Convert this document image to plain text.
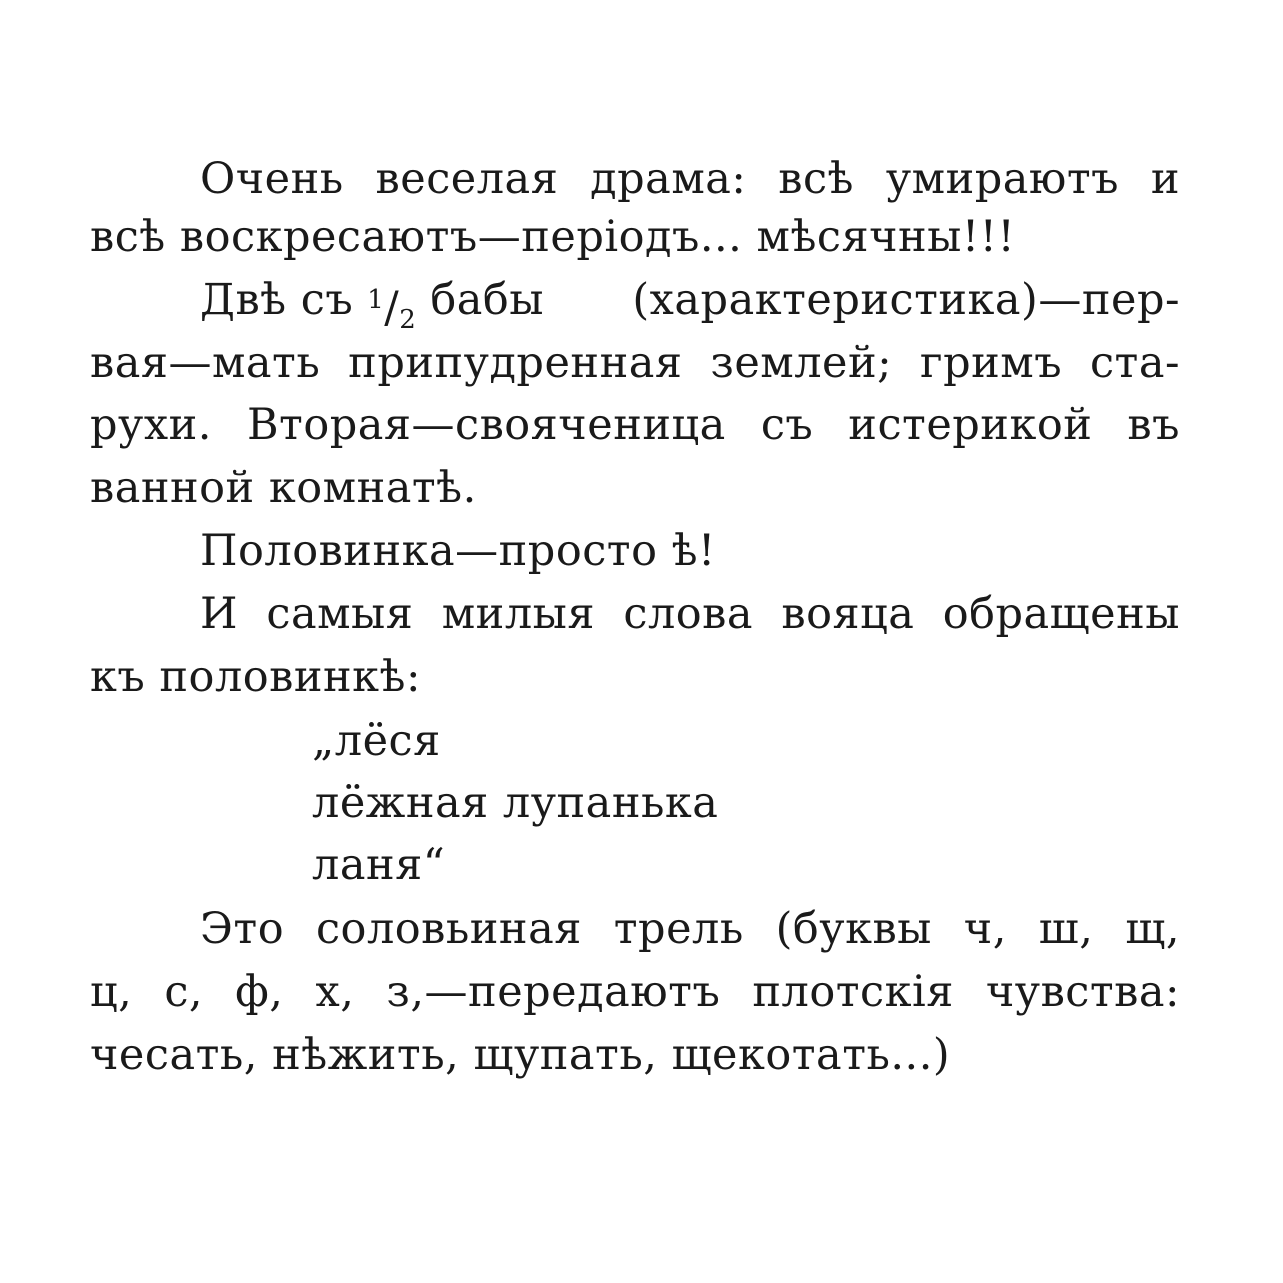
Очень веселая драма: всѣ умираютъ и
всѣ воскресаютъ—періодъ... мѣсячны!!!
Двѣ съ $^1/_2$ бабы (характеристика)—пер-
вая—мать припудренная землей; гримъ ста-
рухи. Вторая—свояченица съ истерикой въ
ванной комнатѣ.
Половинка—просто ѣ!
И самыя милыя слова вояца обращены
къ половинкѣ:
„лёся
лёжная лупанька
ланя“
Это соловьиная трель (буквы ч, ш, щ,
ц, с, ф, х, з,—передаютъ плотскія чувства:
чесать, нѣжить, щупать, щекотать...)
